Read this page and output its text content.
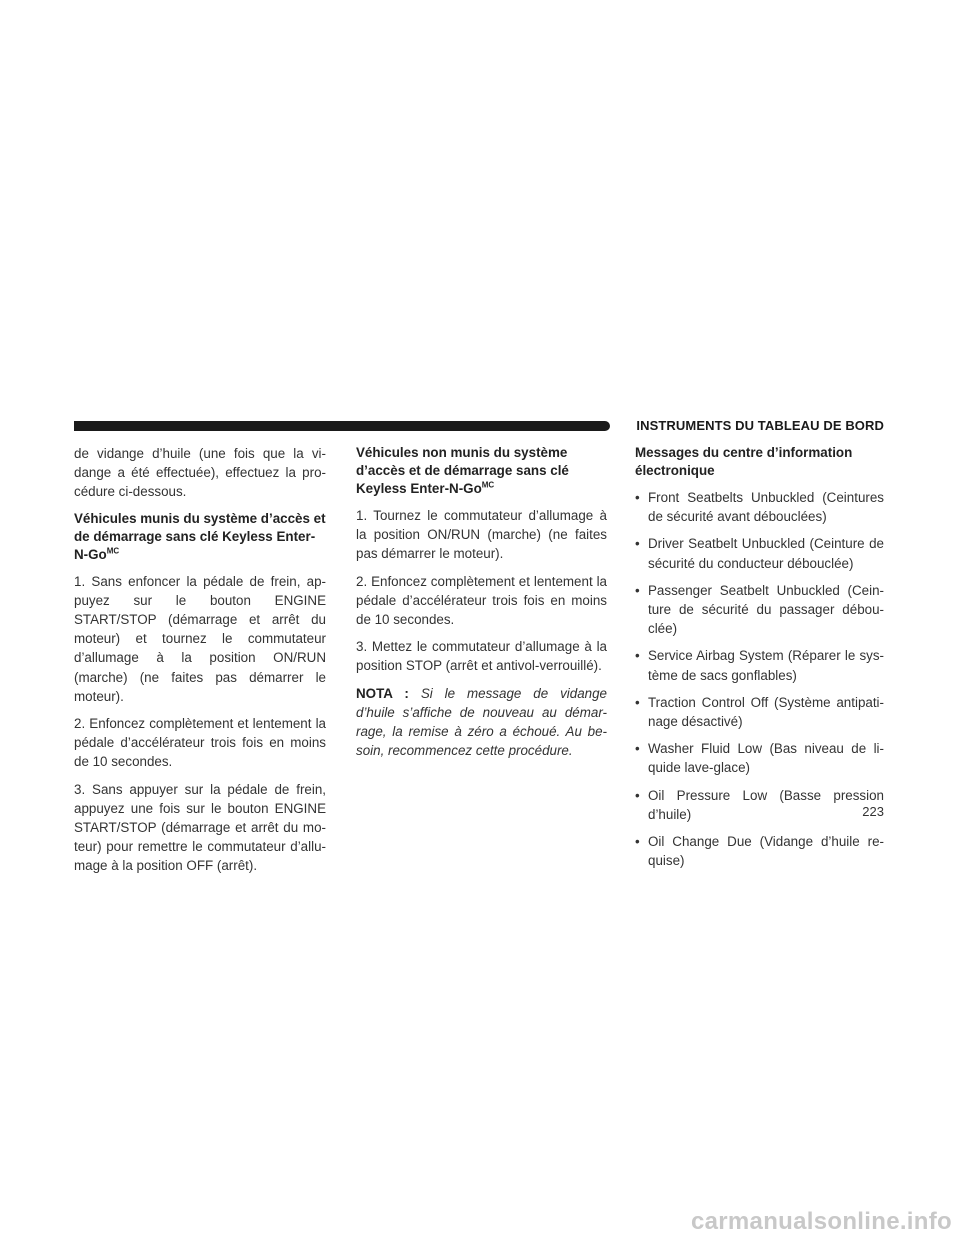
INSTRUMENTS DU TABLEAU DE BORD

de vidange d’huile (une fois que la vi-dange a été effectuée), effectuez la pro-cédure ci-dessous.

Véhicules munis du système d’accès et de démarrage sans clé Keyless Enter-$N-Go^{MC}$

1. Sans enfoncer la pédale de frein, ap-puyez sur le bouton ENGINE START/STOP (démarrage et arrêt du moteur) et tournez le commutateur d’allumage à la position ON/RUN (marche) (ne faites pas démarrer le moteur).

2. Enfoncez complètement et lentement la pédale d’accélérateur trois fois en moins de 10 secondes.

3. Sans appuyer sur la pédale de frein, appuyez une fois sur le bouton ENGINE START/STOP (démarrage et arrêt du mo-teur) pour remettre le commutateur d’allu-mage à la position OFF (arrêt).

Véhicules non munis du système d’accès et de démarrage sans clé Keyless Enter-$N-Go^{MC}$

1. Tournez le commutateur d’allumage à la position ON/RUN (marche) (ne faites pas démarrer le moteur).

2. Enfoncez complètement et lentement la pédale d’accélérateur trois fois en moins de 10 secondes.

3. Mettez le commutateur d’allumage à la position STOP (arrêt et antivol-verrouillé).

NOTA : Si le message de vidange d’huile s’affiche de nouveau au démar-rage, la remise à zéro a échoué. Au be-soin, recommencez cette procédure.

Messages du centre d’information électronique
• Front Seatbelts Unbuckled (Ceintures de sécurité avant débouclées)
• Driver Seatbelt Unbuckled (Ceinture de sécurité du conducteur débouclée)
• Passenger Seatbelt Unbuckled (Cein-ture de sécurité du passager débou-clée)
• Service Airbag System (Réparer le sys-tème de sacs gonflables)
• Traction Control Off (Système antipati-nage désactivé)
• Washer Fluid Low (Bas niveau de li-quide lave-glace)
• Oil Pressure Low (Basse pression d’huile)
• Oil Change Due (Vidange d’huile re-quise)
223
carmanualsonline.info
